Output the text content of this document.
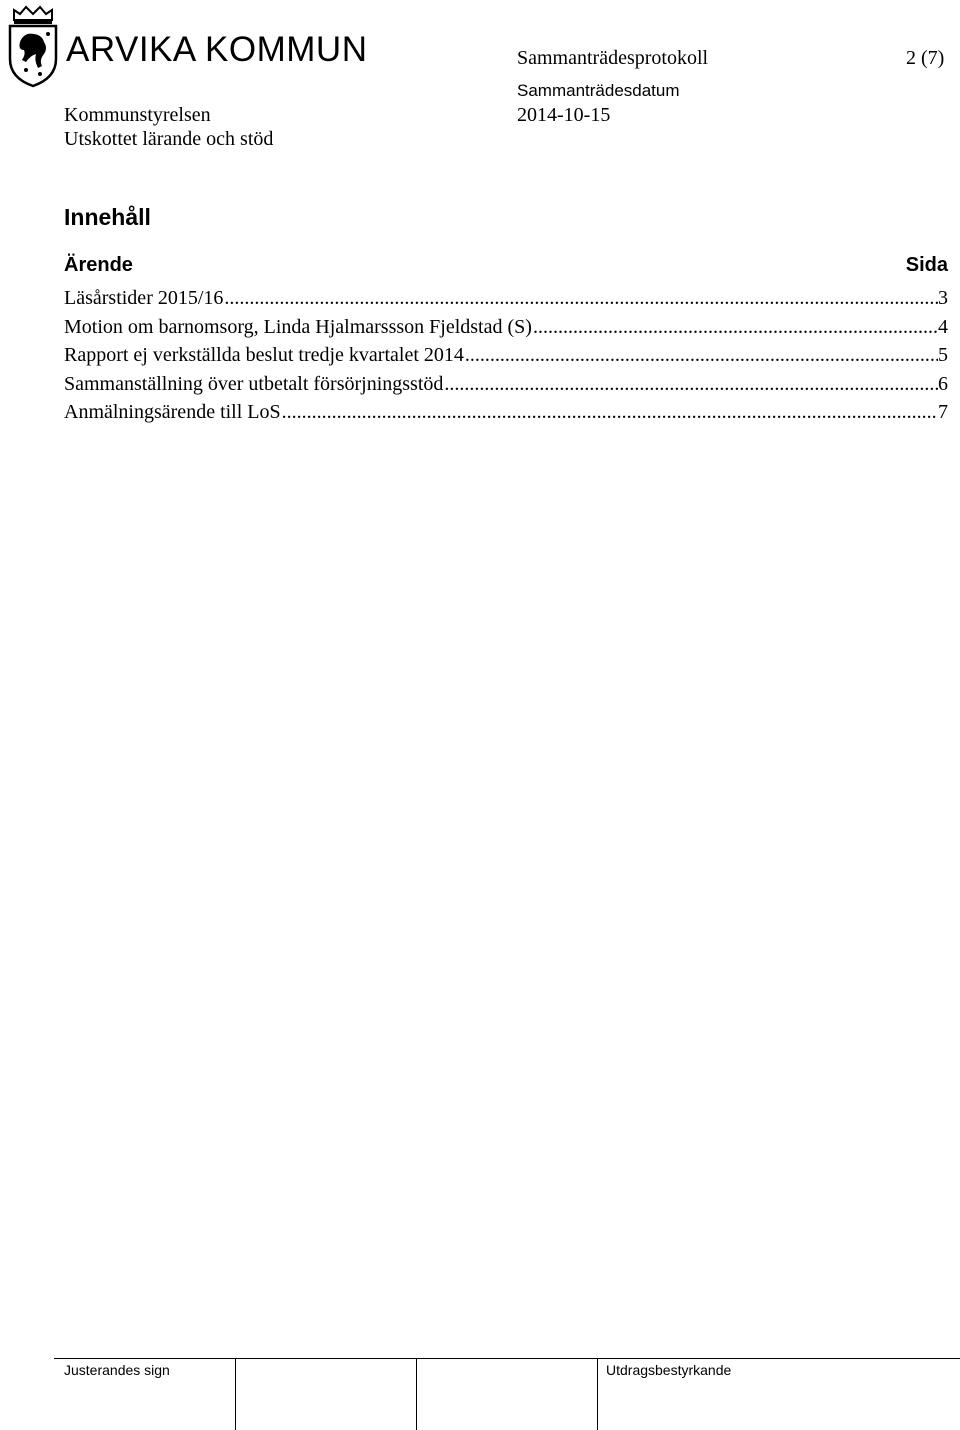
ARVIKA KOMMUN	Sammanträdesprotokoll	2 (7)
Sammanträdesdatum
Kommunstyrelsen	2014-10-15
Utskottet lärande och stöd
Innehåll
Ärende	Sida
Läsårstider 2015/16 .....	3
Motion om barnomsorg, Linda Hjalmarssson Fjeldstad (S) .....	4
Rapport ej verkställda beslut tredje kvartalet 2014 .....	5
Sammanställning över utbetalt försörjningsstöd .....	6
Anmälningsärende till LoS .....	7
Justerandes sign	Utdragsbestyrkande
